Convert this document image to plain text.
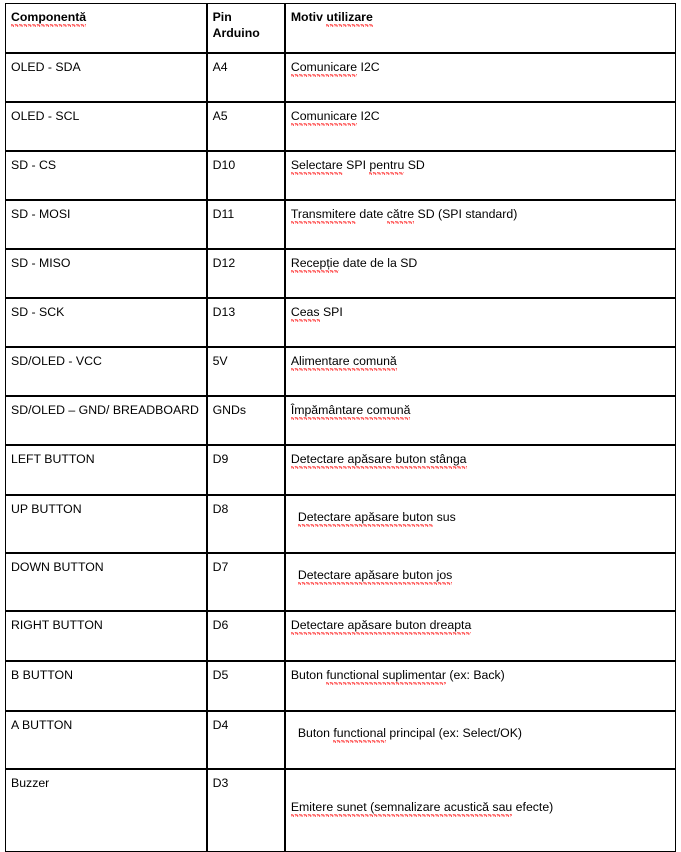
Componentă	Pin Arduino	Motiv utilizare
OLED - SDA	A4	Comunicare I2C
OLED - SCL	A5	Comunicare I2C
SD - CS	D10	Selectare SPI pentru SD
SD - MOSI	D11	Transmitere date către SD (SPI standard)
SD - MISO	D12	Recepție date de la SD
SD - SCK	D13	Ceas SPI
SD/OLED - VCC	5V	Alimentare comună
SD/OLED – GND/ BREADBOARD	GNDs	Împământare comună
LEFT BUTTON	D9	Detectare apăsare buton stânga
UP BUTTON	D8	Detectare apăsare buton sus
DOWN BUTTON	D7	Detectare apăsare buton jos
RIGHT BUTTON	D6	Detectare apăsare buton dreapta
B BUTTON	D5	Buton functional suplimentar (ex: Back)
A BUTTON	D4	Buton functional principal (ex: Select/OK)
Buzzer	D3	Emitere sunet (semnalizare acustică sau efecte)
